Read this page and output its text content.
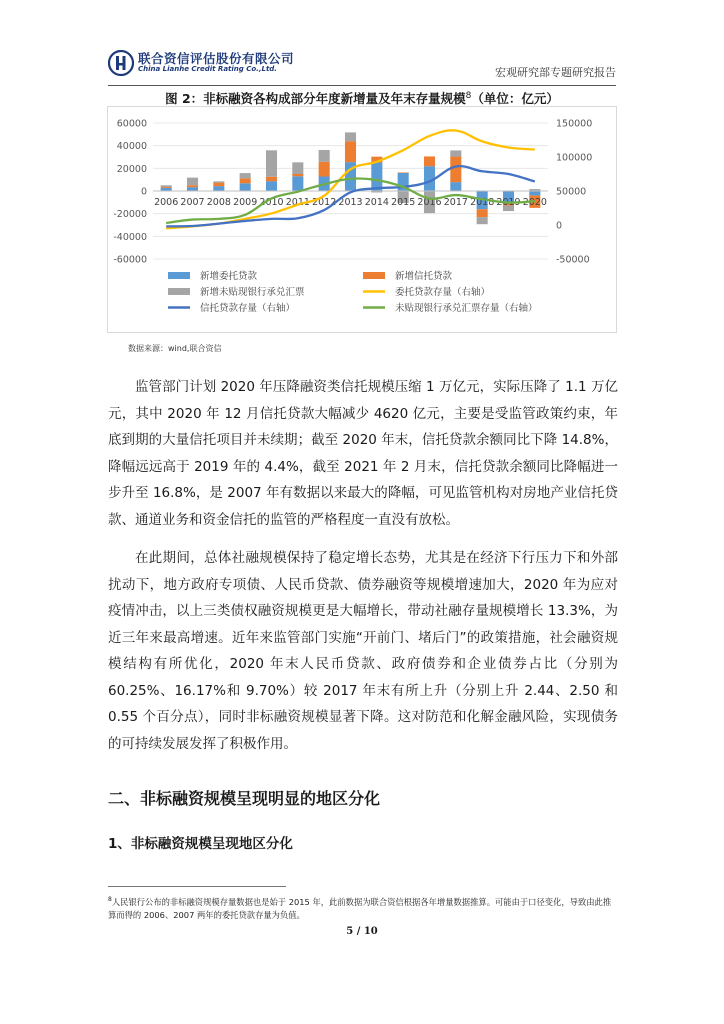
联合资信评估股份有限公司
China Lianhe Credit Rating Co.,Ltd.	宏观研究部专题研究报告
图 2：非标融资各构成部分年度新增量及年末存量规模$^8$（单位：亿元）
60000
40000
20000
0
-20000
-40000
-60000
150000
100000
50000
0
-50000
2006 2007 2008 2009 2010 2011 2012 2013 2014 2015 2016 2017 2018 2019 2020
新增委托贷款	新增信托贷款
新增未贴现银行承兑汇票	委托贷款存量（右轴）
信托贷款存量（右轴）	未贴现银行承兑汇票存量（右轴）
数据来源：wind,联合资信

监管部门计划 2020 年压降融资类信托规模压缩 1 万亿元，实际压降了 1.1 万亿元，其中 2020 年 12 月信托贷款大幅减少 4620 亿元，主要是受监管政策约束，年底到期的大量信托项目并未续期；截至 2020 年末，信托贷款余额同比下降 14.8%，降幅远远高于 2019 年的 4.4%，截至 2021 年 2 月末，信托贷款余额同比降幅进一步升至 16.8%，是 2007 年有数据以来最大的降幅，可见监管机构对房地产业信托贷款、通道业务和资金信托的监管的严格程度一直没有放松。

在此期间，总体社融规模保持了稳定增长态势，尤其是在经济下行压力下和外部扰动下，地方政府专项债、人民币贷款、债券融资等规模增速加大，2020 年为应对疫情冲击，以上三类债权融资规模更是大幅增长，带动社融存量规模增长 13.3%，为近三年来最高增速。近年来监管部门实施“开前门、堵后门”的政策措施，社会融资规模结构有所优化，2020 年末人民币贷款、政府债券和企业债券占比（分别为 60.25%、16.17%和 9.70%）较 2017 年末有所上升（分别上升 2.44、2.50 和 0.55 个百分点），同时非标融资规模显著下降。这对防范和化解金融风险，实现债务的可持续发展发挥了积极作用。

二、非标融资规模呈现明显的地区分化
1、非标融资规模呈现地区分化

$^8$人民银行公布的非标融资规模存量数据也是始于 2015 年，此前数据为联合资信根据各年增量数据推算。可能由于口径变化，导致由此推算而得的 2006、2007 两年的委托贷款存量为负值。

5 / 10
